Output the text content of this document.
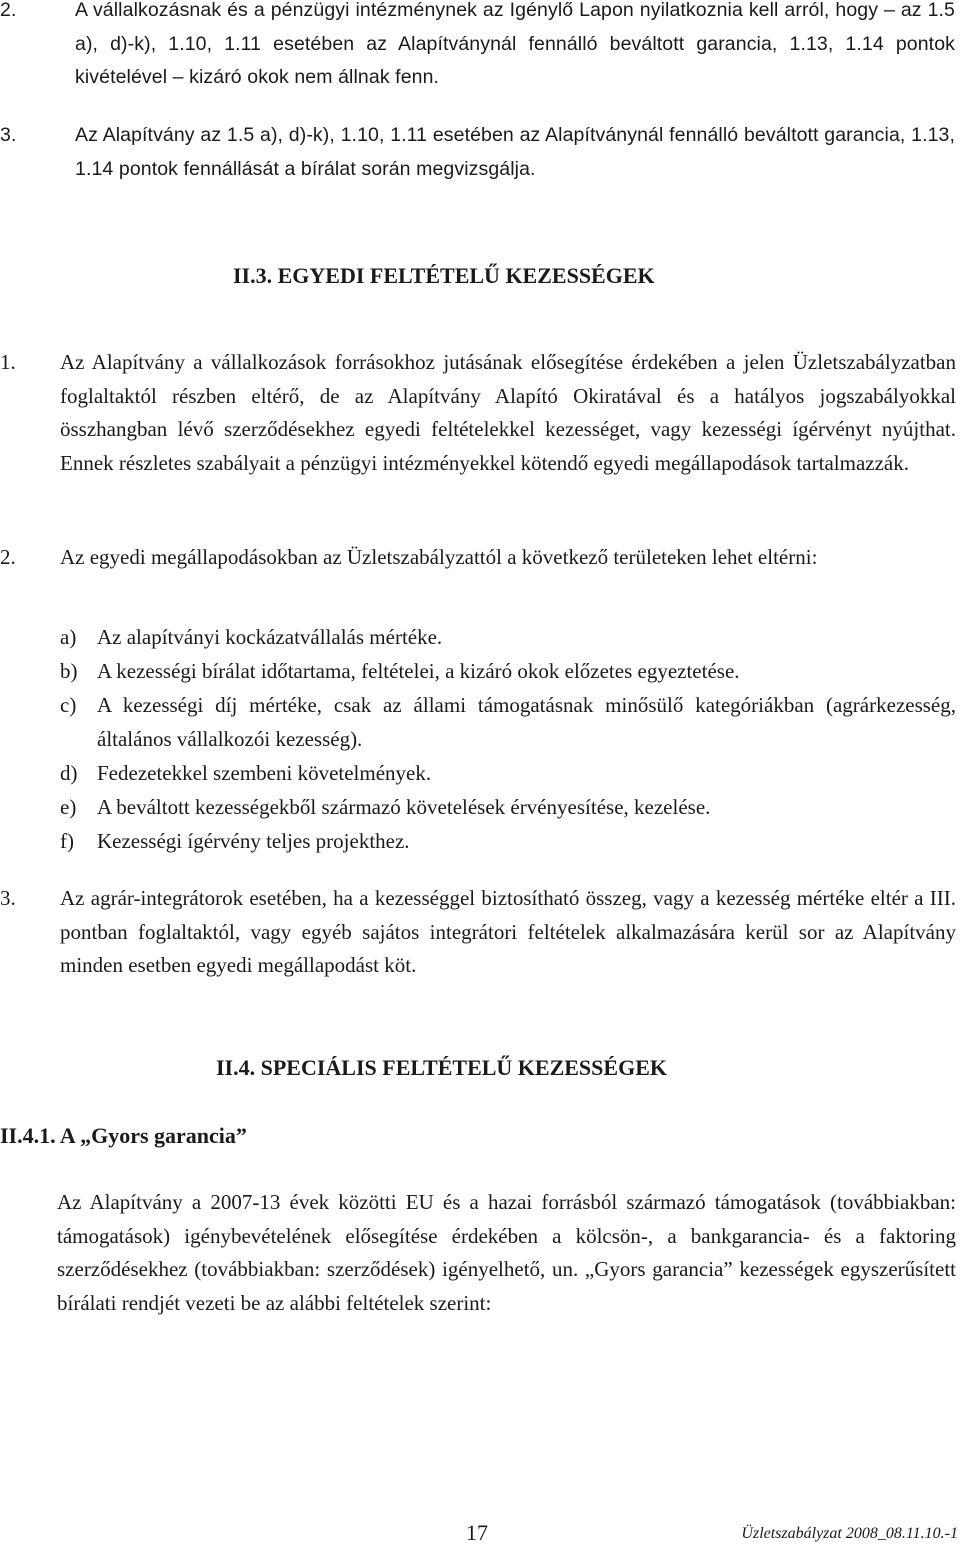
2.	A vállalkozásnak és a pénzügyi intézménynek az Igénylő Lapon nyilatkoznia kell arról, hogy – az 1.5 a), d)-k), 1.10, 1.11 esetében az Alapítványnál fennálló beváltott garancia, 1.13, 1.14 pontok kivételével – kizáró okok nem állnak fenn.
3.	Az Alapítvány az 1.5 a), d)-k), 1.10, 1.11 esetében az Alapítványnál fennálló beváltott garancia, 1.13, 1.14 pontok fennállását a bírálat során megvizsgálja.
II.3. EGYEDI FELTÉTELŰ KEZESSÉGEK
1. Az Alapítvány a vállalkozások forrásokhoz jutásának elősegítése érdekében a jelen Üzletszabályzatban foglaltaktól részben eltérő, de az Alapítvány Alapító Okiratával és a hatályos jogszabályokkal összhangban lévő szerződésekhez egyedi feltételekkel kezességet, vagy kezességi ígérvényt nyújthat. Ennek részletes szabályait a pénzügyi intézményekkel kötendő egyedi megállapodások tartalmazzák.
2. Az egyedi megállapodásokban az Üzletszabályzattól a következő területeken lehet eltérni:
a) Az alapítványi kockázatvállalás mértéke.
b) A kezességi bírálat időtartama, feltételei, a kizáró okok előzetes egyeztetése.
c) A kezességi díj mértéke, csak az állami támogatásnak minősülő kategóriákban (agrárkezesség, általános vállalkozói kezesség).
d) Fedezetekkel szembeni követelmények.
e) A beváltott kezességekből származó követelések érvényesítése, kezelése.
f) Kezességi ígérvény teljes projekthez.
3. Az agrár-integrátorok esetében, ha a kezességgel biztosítható összeg, vagy a kezesség mértéke eltér a III. pontban foglaltaktól, vagy egyéb sajátos integrátori feltételek alkalmazására kerül sor az Alapítvány minden esetben egyedi megállapodást köt.
II.4. SPECIÁLIS FELTÉTELŰ KEZESSÉGEK
II.4.1. A „Gyors garancia”
Az Alapítvány a 2007-13 évek közötti EU és a hazai forrásból származó támogatások (továbbiakban: támogatások) igénybevételének elősegítése érdekében a kölcsön-, a bankgarancia- és a faktoring szerződésekhez (továbbiakban: szerződések) igényelhető, un. „Gyors garancia” kezességek egyszerűsített bírálati rendjét vezeti be az alábbi feltételek szerint:
17	Üzletszabályzat 2008_08.11.10.-1
